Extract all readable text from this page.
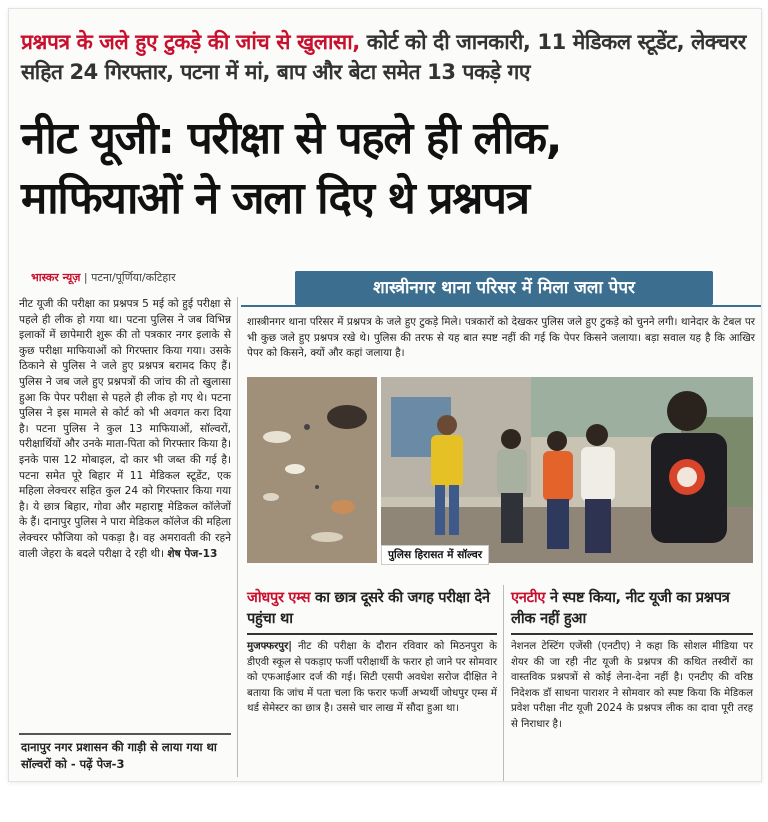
प्रश्नपत्र के जले हुए टुकड़े की जांच से खुलासा, कोर्ट को दी जानकारी, 11 मेडिकल स्टूडेंट, लेक्चरर सहित 24 गिरफ्तार, पटना में मां, बाप और बेटा समेत 13 पकड़े गए
नीट यूजी: परीक्षा से पहले ही लीक,
माफियाओं ने जला दिए थे प्रश्नपत्र
भास्कर न्यूज़ | पटना/पूर्णिया/कटिहार
नीट यूजी की परीक्षा का प्रश्नपत्र 5 मई को हुई परीक्षा से पहले ही लीक हो गया था। पटना पुलिस ने जब विभिन्न इलाकों में छापेमारी शुरू की तो पत्रकार नगर इलाके से कुछ परीक्षा माफियाओं को गिरफ्तार किया गया। उसके ठिकाने से पुलिस ने जले हुए प्रश्नपत्र बरामद किए हैं। पुलिस ने जब जले हुए प्रश्नपत्रों की जांच की तो खुलासा हुआ कि पेपर परीक्षा से पहले ही लीक हो गए थे। पटना पुलिस ने इस मामले से कोर्ट को भी अवगत करा दिया है। पटना पुलिस ने कुल 13 माफियाओं, सॉल्वरों, परीक्षार्थियों और उनके माता-पिता को गिरफ्तार किया है। इनके पास 12 मोबाइल, दो कार भी जब्त की गई है। पटना समेत पूरे बिहार में 11 मेडिकल स्टूडेंट, एक महिला लेक्चरर सहित कुल 24 को गिरफ्तार किया गया है। ये छात्र बिहार, गोवा और महाराष्ट्र मेडिकल कॉलेजों के हैं। दानापुर पुलिस ने पारा मेडिकल कॉलेज की महिला लेक्चरर फौजिया को पकड़ा है। वह अमरावती की रहने वाली जेहरा के बदले परीक्षा दे रही थी। शेष पेज-13
दानापुर नगर प्रशासन की गाड़ी से लाया गया था सॉल्वरों को - पढ़ें पेज-3
शास्त्रीनगर थाना परिसर में मिला जला पेपर
शास्त्रीनगर थाना परिसर में प्रश्नपत्र के जले हुए टुकड़े मिले। पत्रकारों को देखकर पुलिस जले हुए टुकड़े को चुनने लगी। थानेदार के टेबल पर भी कुछ जले हुए प्रश्नपत्र रखे थे। पुलिस की तरफ से यह बात स्पष्ट नहीं की गई कि पेपर किसने जलाया। बड़ा सवाल यह है कि आखिर पेपर को किसने, क्यों और कहां जलाया है।
पुलिस हिरासत में सॉल्वर
जोधपुर एम्स का छात्र दूसरे की जगह परीक्षा देने पहुंचा था
मुजफ्फरपुर| नीट की परीक्षा के दौरान रविवार को मिठनपुरा के डीएवी स्कूल से पकड़ाए फर्जी परीक्षार्थी के फरार हो जाने पर सोमवार को एफआईआर दर्ज की गई। सिटी एसपी अवधेश सरोज दीक्षित ने बताया कि जांच में पता चला कि फरार फर्जी अभ्यर्थी जोधपुर एम्स में थर्ड सेमेस्टर का छात्र है। उससे चार लाख में सौदा हुआ था।
एनटीए ने स्पष्ट किया, नीट यूजी का प्रश्नपत्र लीक नहीं हुआ
नेशनल टेस्टिंग एजेंसी (एनटीए) ने कहा कि सोशल मीडिया पर शेयर की जा रही नीट यूजी के प्रश्नपत्र की कथित तस्वीरों का वास्तविक प्रश्नपत्रों से कोई लेना-देना नहीं है। एनटीए की वरिष्ठ निदेशक डॉ साधना पाराशर ने सोमवार को स्पष्ट किया कि मेडिकल प्रवेश परीक्षा नीट यूजी 2024 के प्रश्नपत्र लीक का दावा पूरी तरह से निराधार है।
